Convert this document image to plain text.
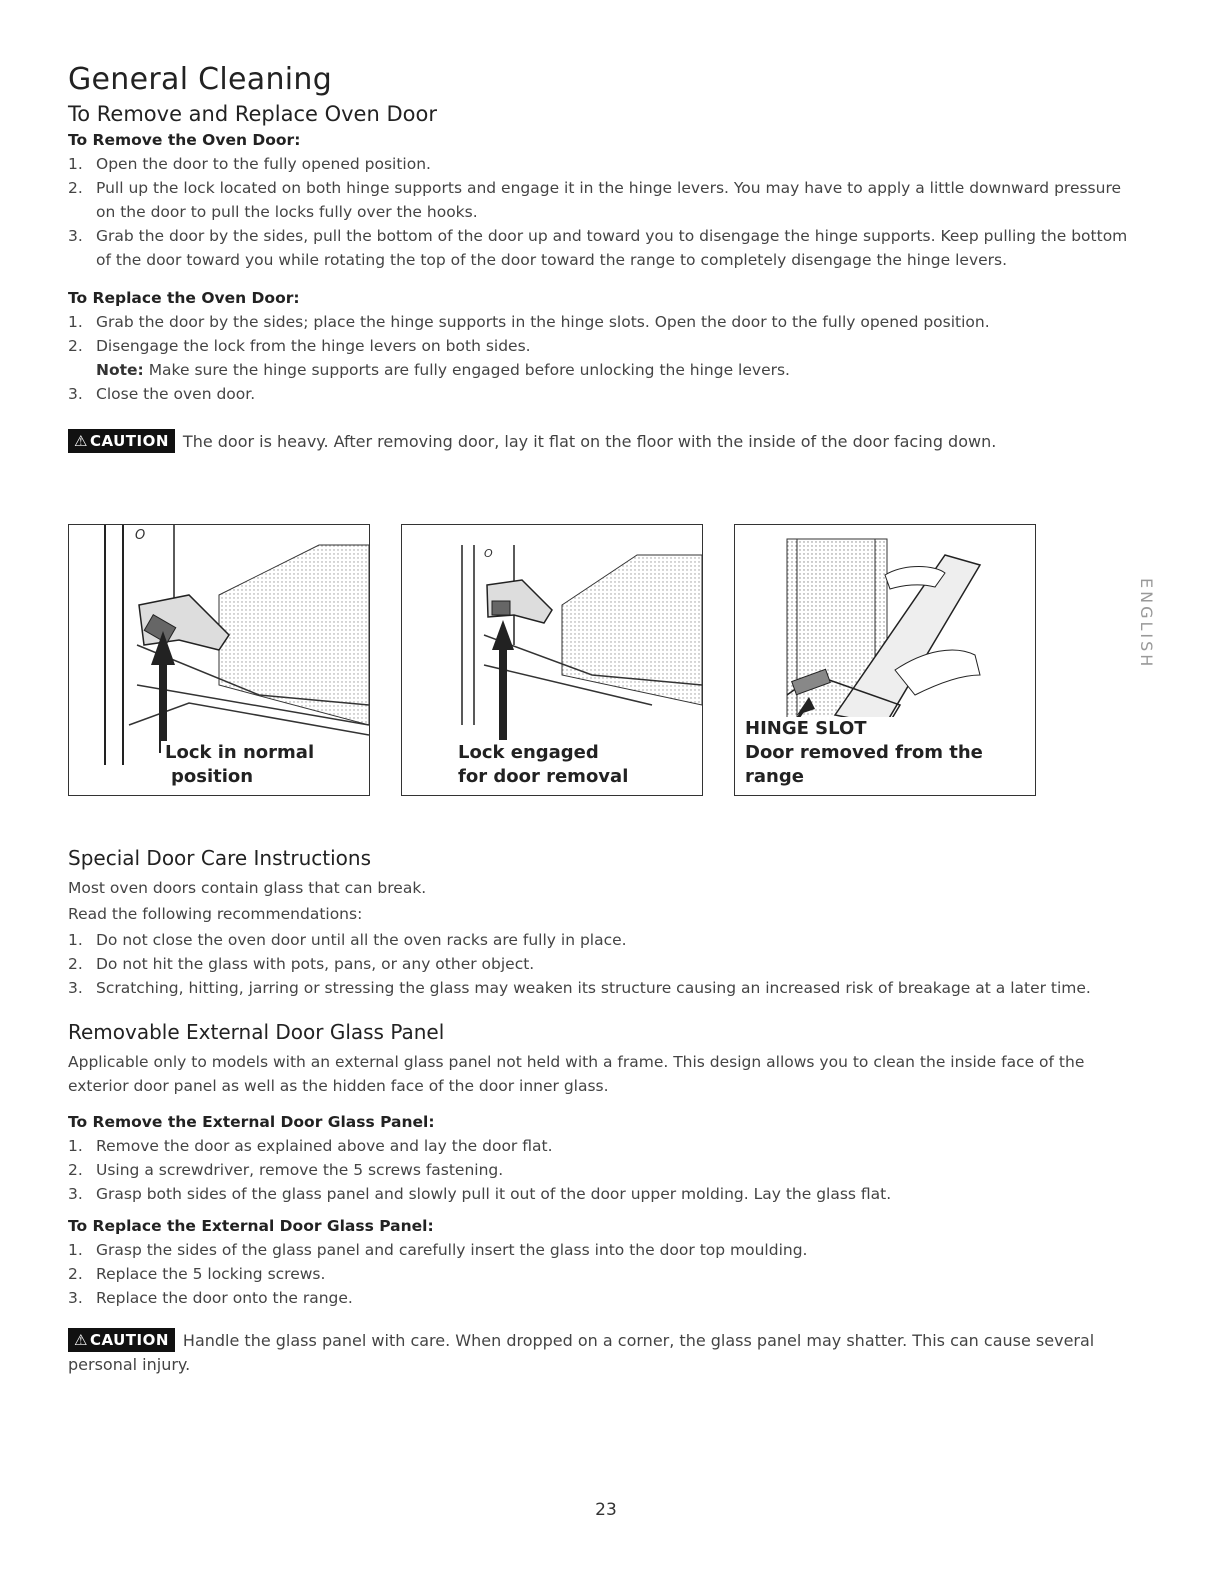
General Cleaning
To Remove and Replace Oven Door

To Remove the Oven Door:

1. Open the door to the fully opened position.
2. Pull up the lock located on both hinge supports and engage it in the hinge levers. You may have to apply a little downward pressure on the door to pull the locks fully over the hooks.
3. Grab the door by the sides, pull the bottom of the door up and toward you to disengage the hinge supports. Keep pulling the bottom of the door toward you while rotating the top of the door toward the range to completely disengage the hinge levers.

To Replace the Oven Door:

1. Grab the door by the sides; place the hinge supports in the hinge slots. Open the door to the fully opened position.
2. Disengage the lock from the hinge levers on both sides.
Note: Make sure the hinge supports are fully engaged before unlocking the hinge levers.
3. Close the oven door.
⚠ CAUTION The door is heavy. After removing door, lay it flat on the floor with the inside of the door facing down.
O
Lock in normal
position
O
Lock engaged
for door removal
HINGE SLOT
Door removed from the range
Special Door Care Instructions
Most oven doors contain glass that can break.
Read the following recommendations:
1. Do not close the oven door until all the oven racks are fully in place.
2. Do not hit the glass with pots, pans, or any other object.
3. Scratching, hitting, jarring or stressing the glass may weaken its structure causing an increased risk of breakage at a later time.
Removable External Door Glass Panel
Applicable only to models with an external glass panel not held with a frame. This design allows you to clean the inside face of the exterior door panel as well as the hidden face of the door inner glass.

To Remove the External Door Glass Panel:

1. Remove the door as explained above and lay the door flat.
2. Using a screwdriver, remove the 5 screws fastening.
3. Grasp both sides of the glass panel and slowly pull it out of the door upper molding. Lay the glass flat.

To Replace the External Door Glass Panel:

1. Grasp the sides of the glass panel and carefully insert the glass into the door top moulding.
2. Replace the 5 locking screws.
3. Replace the door onto the range.
⚠ CAUTION Handle the glass panel with care. When dropped on a corner, the glass panel may shatter. This can cause several personal injury.
ENGLISH
23
